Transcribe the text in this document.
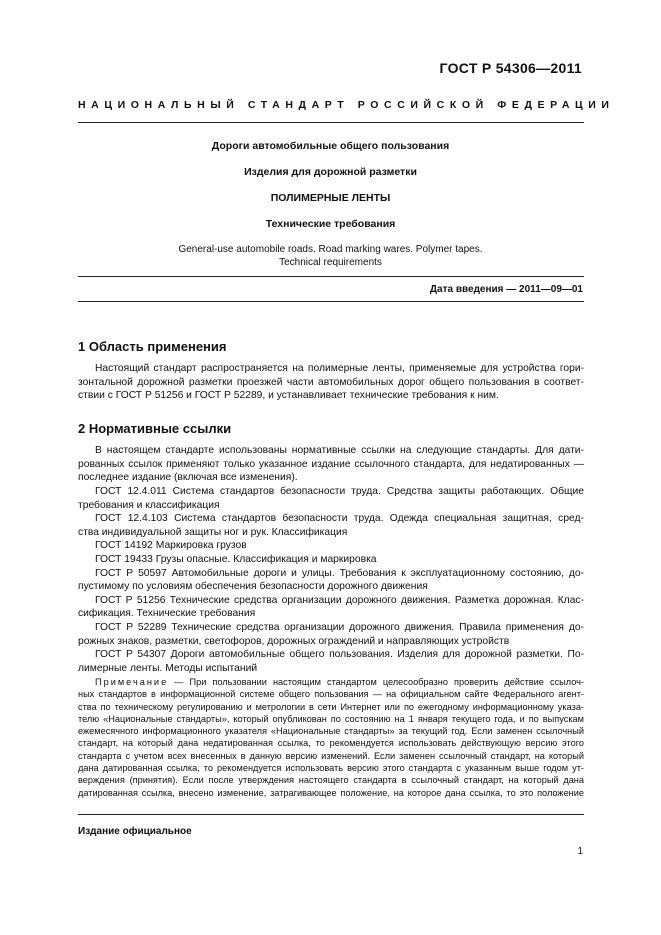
ГОСТ Р 54306—2011
НАЦИОНАЛЬНЫЙ СТАНДАРТ РОССИЙСКОЙ ФЕДЕРАЦИИ
Дороги автомобильные общего пользования
Изделия для дорожной разметки
ПОЛИМЕРНЫЕ ЛЕНТЫ
Технические требования
General-use automobile roads. Road marking wares. Polymer tapes.
Technical requirements
Дата введения — 2011—09—01
1 Область применения
Настоящий стандарт распространяется на полимерные ленты, применяемые для устройства гори-
зонтальной дорожной разметки проезжей части автомобильных дорог общего пользования в соответ-
ствии с ГОСТ Р 51256 и ГОСТ Р 52289, и устанавливает технические требования к ним.
2 Нормативные ссылки
В настоящем стандарте использованы нормативные ссылки на следующие стандарты. Для дати-
рованных ссылок применяют только указанное издание ссылочного стандарта, для недатированных —
последнее издание (включая все изменения).
ГОСТ 12.4.011 Система стандартов безопасности труда. Средства защиты работающих. Общие
требования и классификация
ГОСТ 12.4.103 Система стандартов безопасности труда. Одежда специальная защитная, сред-
ства индивидуальной защиты ног и рук. Классификация
ГОСТ 14192 Маркировка грузов
ГОСТ 19433 Грузы опасные. Классификация и маркировка
ГОСТ Р 50597 Автомобильные дороги и улицы. Требования к эксплуатационному состоянию, до-
пустимому по условиям обеспечения безопасности дорожного движения
ГОСТ Р 51256 Технические средства организации дорожного движения. Разметка дорожная. Клас-
сификация. Технические требования
ГОСТ Р 52289 Технические средства организации дорожного движения. Правила применения до-
рожных знаков, разметки, светофоров, дорожных ограждений и направляющих устройств
ГОСТ Р 54307 Дороги автомобильные общего пользования. Изделия для дорожной разметки. По-
лимерные ленты. Методы испытаний
Примечание — При пользовании настоящим стандартом целесообразно проверить действие ссылоч-
ных стандартов в информационной системе общего пользования — на официальном сайте Федерального агент-
ства по техническому регулированию и метрологии в сети Интернет или по ежегодному информационному указа-
телю «Национальные стандарты», который опубликован по состоянию на 1 января текущего года, и по выпускам
ежемесячного информационного указателя «Национальные стандарты» за текущий год. Если заменен ссылочный
стандарт, на который дана недатированная ссылка, то рекомендуется использовать действующую версию этого
стандарта с учетом всех внесенных в данную версию изменений. Если заменен ссылочный стандарт, на который
дана датированная ссылка, то рекомендуется использовать версию этого стандарта с указанным выше годом ут-
верждения (принятия). Если после утверждения настоящего стандарта в ссылочный стандарт, на который дана
датированная ссылка, внесено изменение, затрагивающее положение, на которое дана ссылка, то это положение
Издание официальное
1
